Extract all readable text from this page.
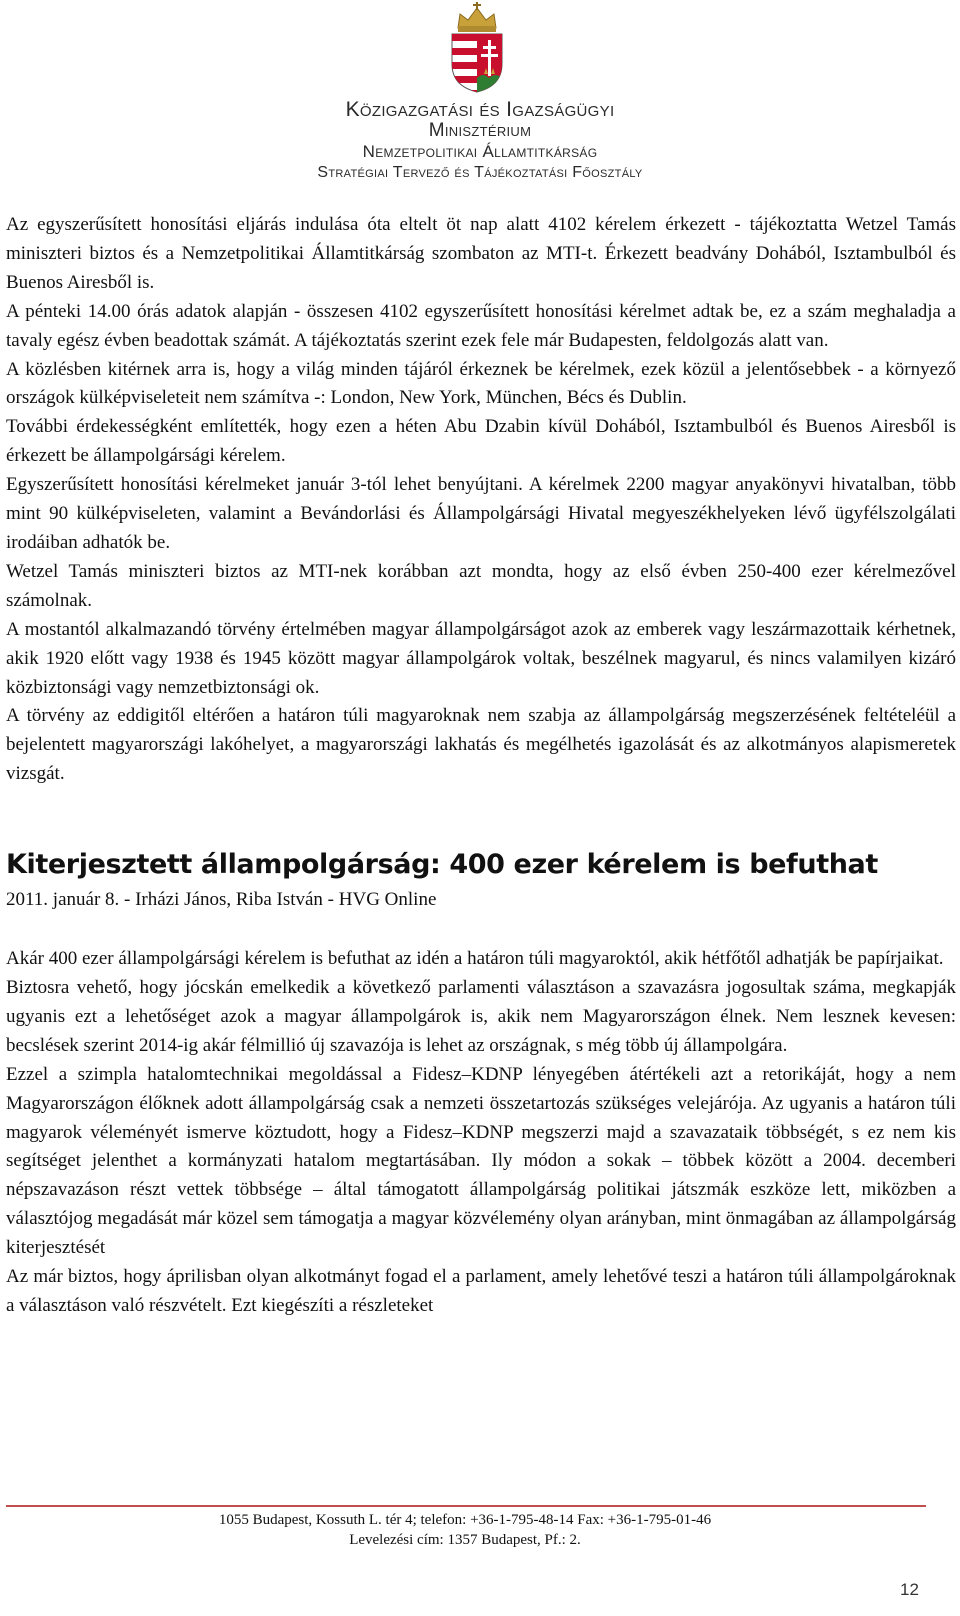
Közigazgatási és Igazságügyi
Minisztérium
Nemzetpolitikai Államtitkárság
Stratégiai Tervező és Tájékoztatási Főosztály

Az egyszerűsített honosítási eljárás indulása óta eltelt öt nap alatt 4102 kérelem érkezett - tájékoztatta Wetzel Tamás miniszteri biztos és a Nemzetpolitikai Államtitkárság szombaton az MTI-t. Érkezett beadvány Dohából, Isztambulból és Buenos Airesből is.

A pénteki 14.00 órás adatok alapján - összesen 4102 egyszerűsített honosítási kérelmet adtak be, ez a szám meghaladja a tavaly egész évben beadottak számát. A tájékoztatás szerint ezek fele már Budapesten, feldolgozás alatt van.

A közlésben kitérnek arra is, hogy a világ minden tájáról érkeznek be kérelmek, ezek közül a jelentősebbek - a környező országok külképviseleteit nem számítva -: London, New York, München, Bécs és Dublin.

További érdekességként említették, hogy ezen a héten Abu Dzabin kívül Dohából, Isztambulból és Buenos Airesből is érkezett be állampolgársági kérelem.

Egyszerűsített honosítási kérelmeket január 3-tól lehet benyújtani. A kérelmek 2200 magyar anyakönyvi hivatalban, több mint 90 külképviseleten, valamint a Bevándorlási és Állampolgársági Hivatal megyeszékhelyeken lévő ügyfélszolgálati irodáiban adhatók be.

Wetzel Tamás miniszteri biztos az MTI-nek korábban azt mondta, hogy az első évben 250-400 ezer kérelmezővel számolnak.

A mostantól alkalmazandó törvény értelmében magyar állampolgárságot azok az emberek vagy leszármazottaik kérhetnek, akik 1920 előtt vagy 1938 és 1945 között magyar állampolgárok voltak, beszélnek magyarul, és nincs valamilyen kizáró közbiztonsági vagy nemzetbiztonsági ok.

A törvény az eddigitől eltérően a határon túli magyaroknak nem szabja az állampolgárság megszerzésének feltételéül a bejelentett magyarországi lakóhelyet, a magyarországi lakhatás és megélhetés igazolását és az alkotmányos alapismeretek vizsgát.

Kiterjesztett állampolgárság: 400 ezer kérelem is befuthat

2011. január 8. - Irházi János, Riba István - HVG Online

Akár 400 ezer állampolgársági kérelem is befuthat az idén a határon túli magyaroktól, akik hétfőtől adhatják be papírjaikat.

Biztosra vehető, hogy jócskán emelkedik a következő parlamenti választáson a szavazásra jogosultak száma, megkapják ugyanis ezt a lehetőséget azok a magyar állampolgárok is, akik nem Magyarországon élnek. Nem lesznek kevesen: becslések szerint 2014-ig akár félmillió új szavazója is lehet az országnak, s még több új állampolgára.

Ezzel a szimpla hatalomtechnikai megoldással a Fidesz–KDNP lényegében átértékeli azt a retorikáját, hogy a nem Magyarországon élőknek adott állampolgárság csak a nemzeti összetartozás szükséges velejárója. Az ugyanis a határon túli magyarok véleményét ismerve köztudott, hogy a Fidesz–KDNP megszerzi majd a szavazataik többségét, s ez nem kis segítséget jelenthet a kormányzati hatalom megtartásában. Ily módon a sokak – többek között a 2004. decemberi népszavazáson részt vettek többsége – által támogatott állampolgárság politikai játszmák eszköze lett, miközben a választójog megadását már közel sem támogatja a magyar közvélemény olyan arányban, mint önmagában az állampolgárság kiterjesztését

Az már biztos, hogy áprilisban olyan alkotmányt fogad el a parlament, amely lehetővé teszi a határon túli állampolgároknak a választáson való részvételt. Ezt kiegészíti a részleteket

1055 Budapest, Kossuth L. tér 4; telefon: +36-1-795-48-14 Fax: +36-1-795-01-46
Levelezési cím: 1357 Budapest, Pf.: 2.
12
